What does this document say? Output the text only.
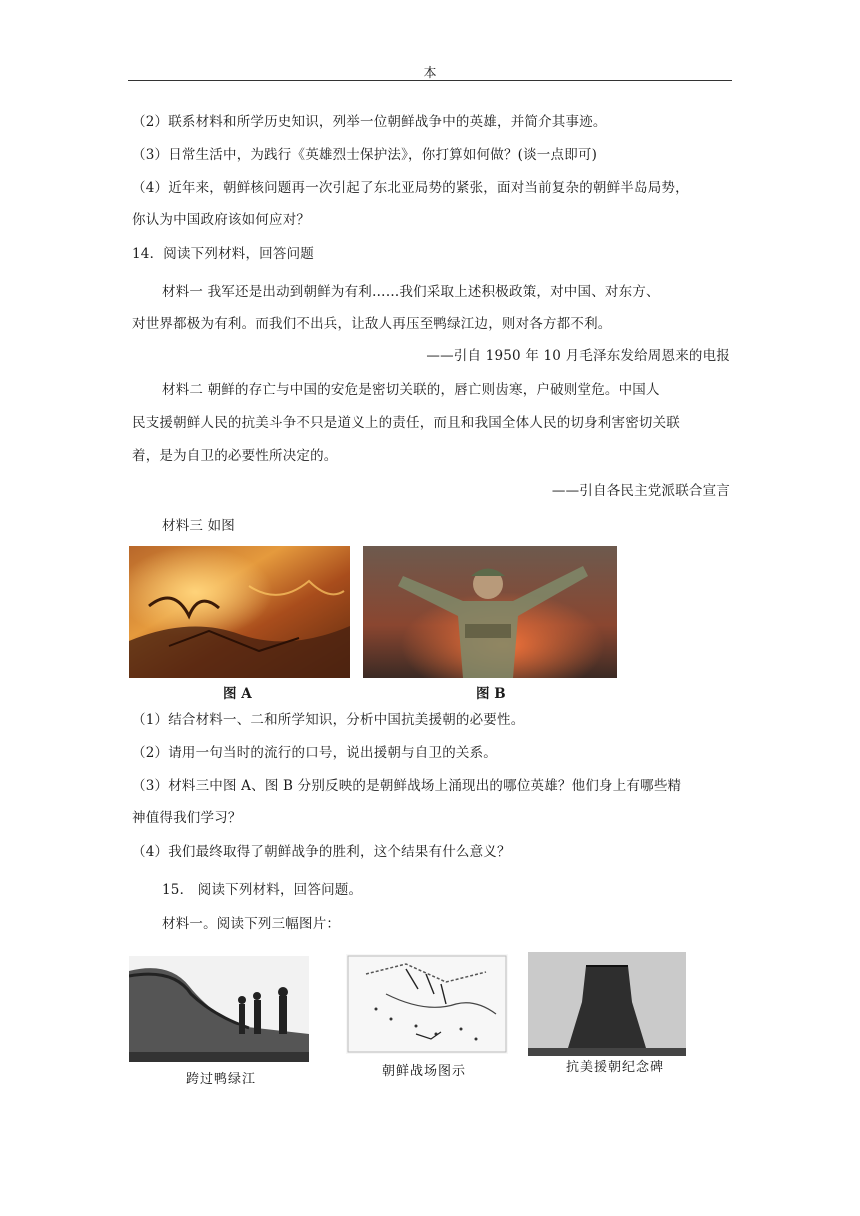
本
（2）联系材料和所学历史知识，列举一位朝鲜战争中的英雄，并简介其事迹。
（3）日常生活中，为践行《英雄烈士保护法》，你打算如何做？(谈一点即可)
（4）近年来，朝鲜核问题再一次引起了东北亚局势的紧张，面对当前复杂的朝鲜半岛局势，
你认为中国政府该如何应对？
14．阅读下列材料，回答问题
材料一 我军还是出动到朝鲜为有利……我们采取上述积极政策，对中国、对东方、
对世界都极为有利。而我们不出兵，让敌人再压至鸭绿江边，则对各方都不利。
——引自 1950 年 10 月毛泽东发给周恩来的电报
材料二 朝鲜的存亡与中国的安危是密切关联的，唇亡则齿寒，户破则堂危。中国人
民支援朝鲜人民的抗美斗争不只是道义上的责任，而且和我国全体人民的切身利害密切关联
着，是为自卫的必要性所决定的。
——引自各民主党派联合宣言
材料三 如图
图 A	图 B
（1）结合材料一、二和所学知识，分析中国抗美援朝的必要性。
（2）请用一句当时的流行的口号，说出援朝与自卫的关系。
（3）材料三中图 A、图 B 分别反映的是朝鲜战场上涌现出的哪位英雄？他们身上有哪些精
神值得我们学习？
（4）我们最终取得了朝鲜战争的胜利，这个结果有什么意义？
15． 阅读下列材料，回答问题。
材料一。阅读下列三幅图片：
跨过鸭绿江
朝鲜战场图示	抗美援朝纪念碑
